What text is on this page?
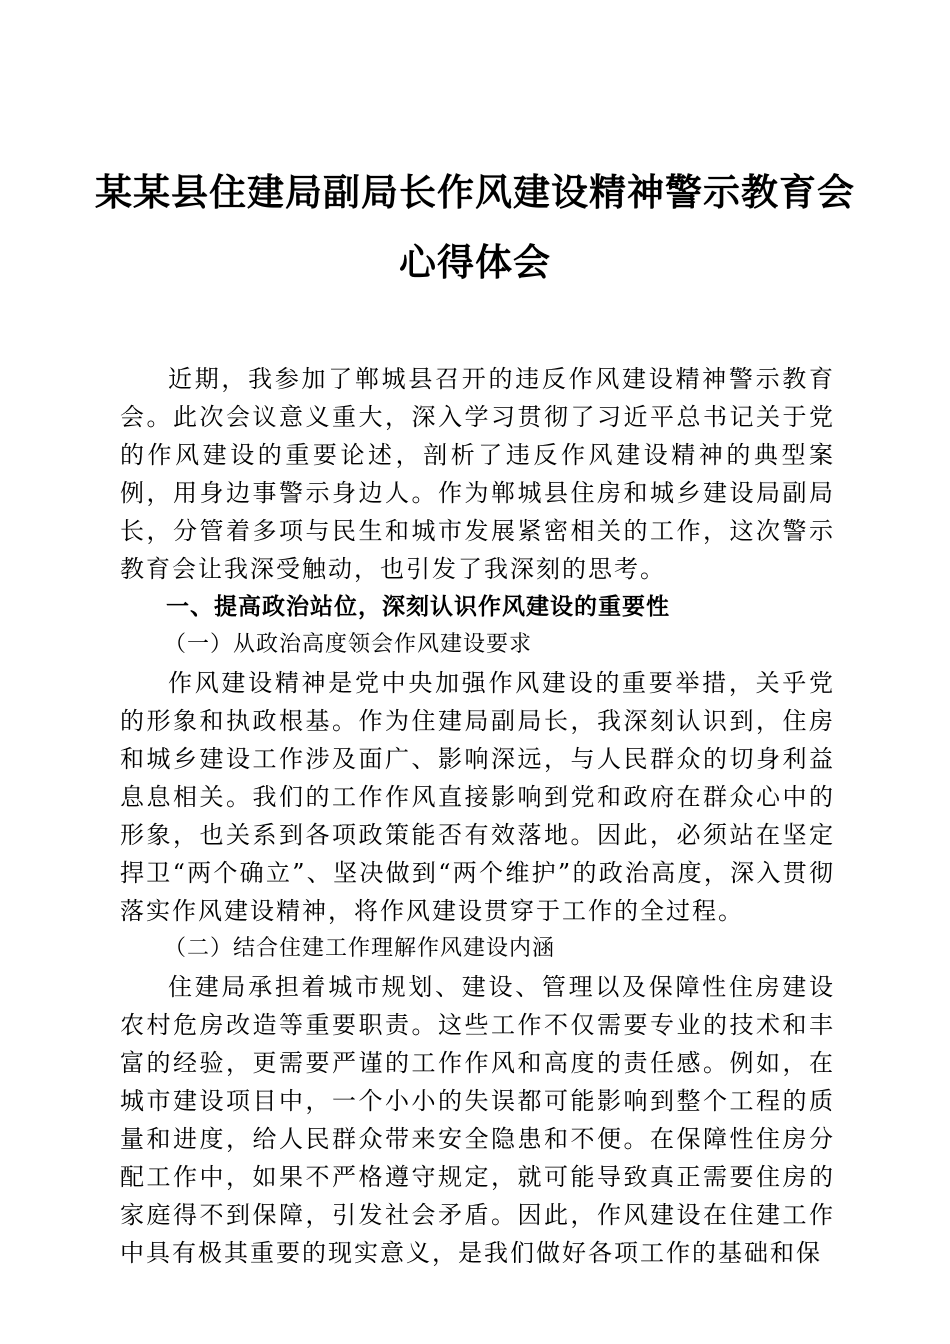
某某县住建局副局长作风建设精神警示教育会
心得体会

近期，我参加了郸城县召开的违反作风建设精神警示教育会。此次会议意义重大，深入学习贯彻了习近平总书记关于党的作风建设的重要论述，剖析了违反作风建设精神的典型案例，用身边事警示身边人。作为郸城县住房和城乡建设局副局长，分管着多项与民生和城市发展紧密相关的工作，这次警示教育会让我深受触动，也引发了我深刻的思考。

一、提高政治站位，深刻认识作风建设的重要性
（一）从政治高度领会作风建设要求

作风建设精神是党中央加强作风建设的重要举措，关乎党的形象和执政根基。作为住建局副局长，我深刻认识到，住房和城乡建设工作涉及面广、影响深远，与人民群众的切身利益息息相关。我们的工作作风直接影响到党和政府在群众心中的形象，也关系到各项政策能否有效落地。因此，必须站在坚定捍卫“两个确立”、坚决做到“两个维护”的政治高度，深入贯彻落实作风建设精神，将作风建设贯穿于工作的全过程。

（二）结合住建工作理解作风建设内涵

住建局承担着城市规划、建设、管理以及保障性住房建设农村危房改造等重要职责。这些工作不仅需要专业的技术和丰富的经验，更需要严谨的工作作风和高度的责任感。例如，在城市建设项目中，一个小小的失误都可能影响到整个工程的质量和进度，给人民群众带来安全隐患和不便。在保障性住房分配工作中，如果不严格遵守规定，就可能导致真正需要住房的家庭得不到保障，引发社会矛盾。因此，作风建设在住建工作中具有极其重要的现实意义，是我们做好各项工作的基础和保
